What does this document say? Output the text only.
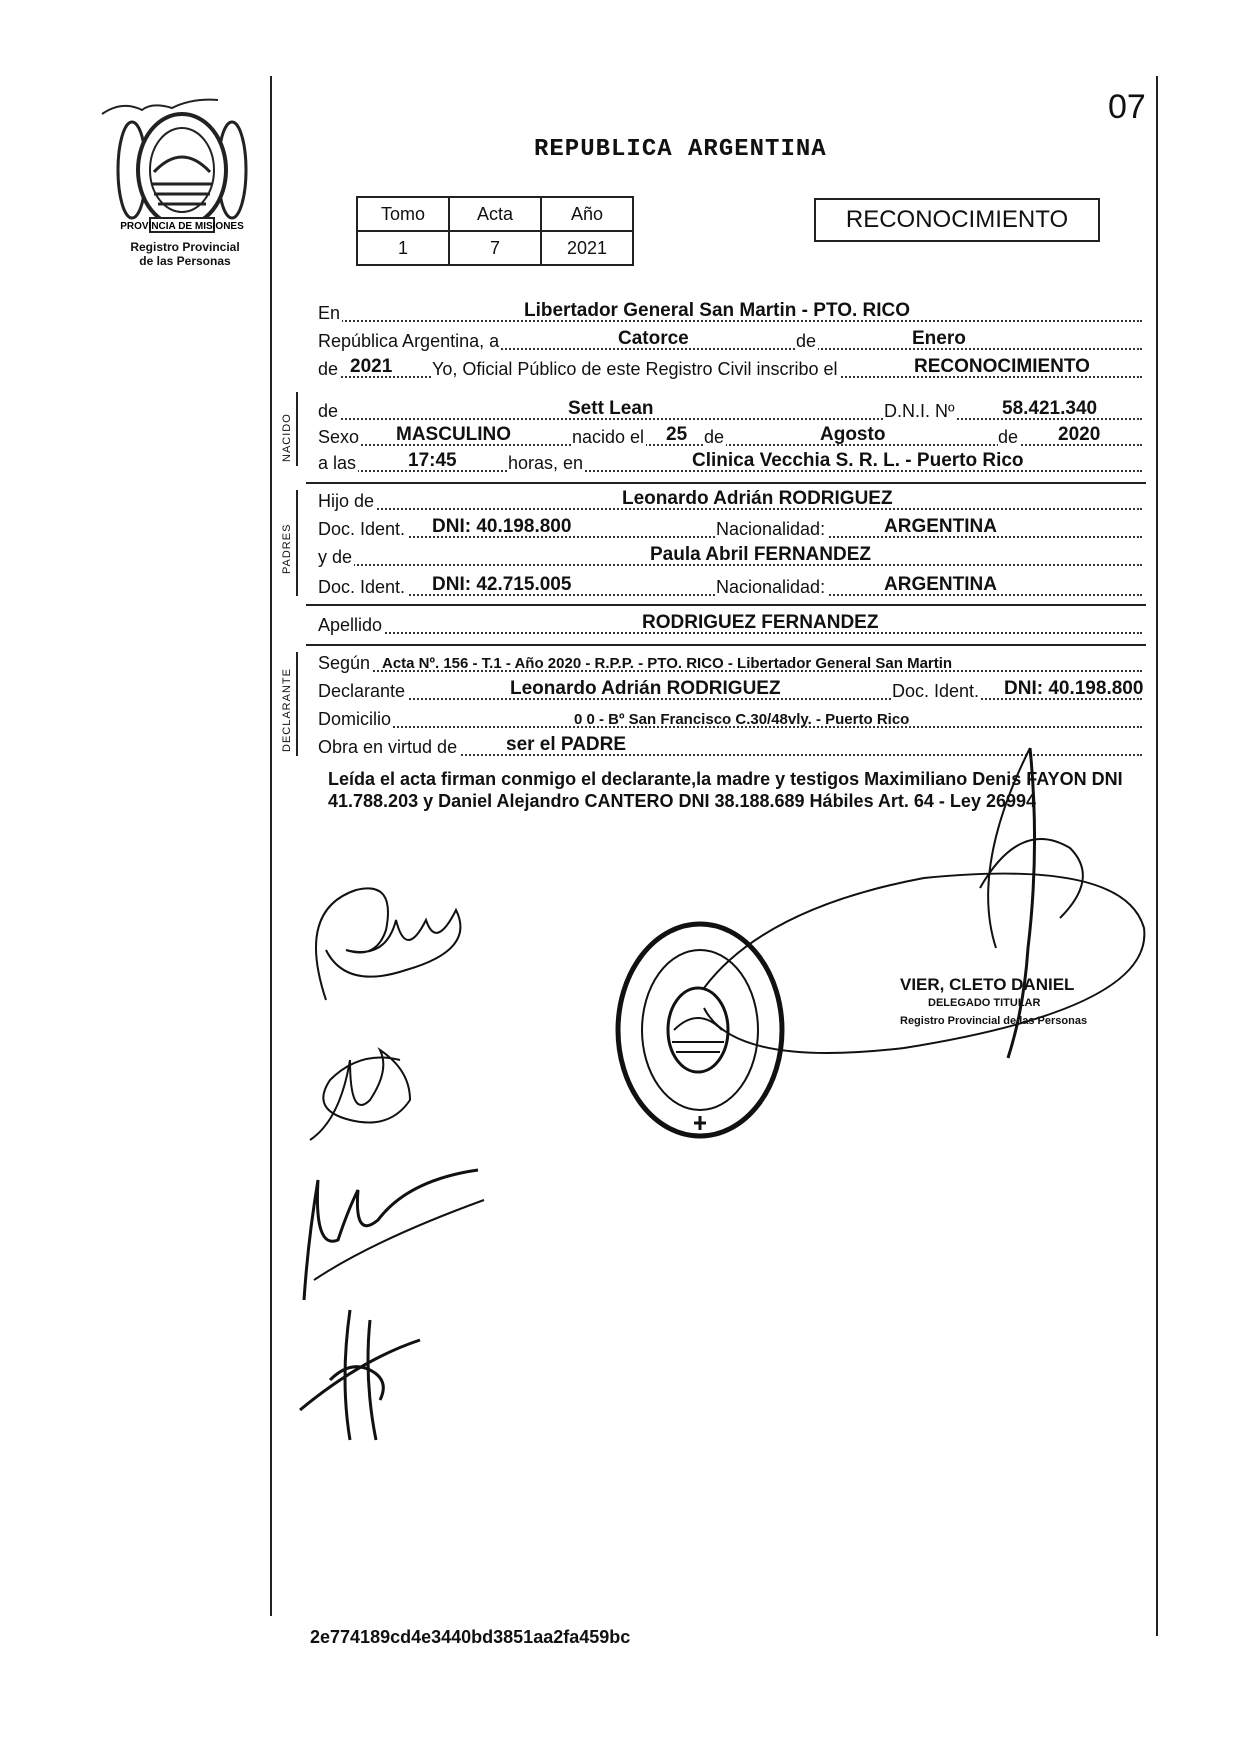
PROVINCIA DE MISIONES
Registro Provincial
de las Personas
07
REPUBLICA ARGENTINA
Tomo	Acta	Año
1	7	2021
RECONOCIMIENTO
En	Libertador General San Martin - PTO. RICO
República Argentina, a	Catorce	de	Enero
de 2021 Yo, Oficial Público de este Registro Civil inscribo el	RECONOCIMIENTO
NACIDO
de	Sett Lean	D.N.I. Nº 58.421.340
Sexo MASCULINO	nacido el 25 de	Agosto	de 2020
a las	17:45	horas, en	Clinica Vecchia S. R. L. - Puerto Rico
PADRES
Hijo de	Leonardo Adrián RODRIGUEZ
Doc. Ident. DNI: 40.198.800	Nacionalidad:	ARGENTINA
y de	Paula Abril FERNANDEZ
Doc. Ident. DNI: 42.715.005	Nacionalidad:	ARGENTINA
Apellido	RODRIGUEZ FERNANDEZ
DECLARANTE
Según Acta Nº. 156 - T.1 - Año 2020 - R.P.P. - PTO. RICO - Libertador General San Martin
Declarante	Leonardo Adrián RODRIGUEZ	Doc. Ident. DNI: 40.198.800
Domicilio	0 0 - Bº San Francisco C.30/48vly. - Puerto Rico
Obra en virtud de	ser el PADRE
Leída el acta firman conmigo el declarante,la madre y testigos Maximiliano Denis FAYON DNI 41.788.203 y Daniel Alejandro CANTERO DNI 38.188.689 Hábiles Art. 64 - Ley 26994
VIER, CLETO DANIEL
DELEGADO TITULAR
Registro Provincial de las Personas
2e774189cd4e3440bd3851aa2fa459bc
